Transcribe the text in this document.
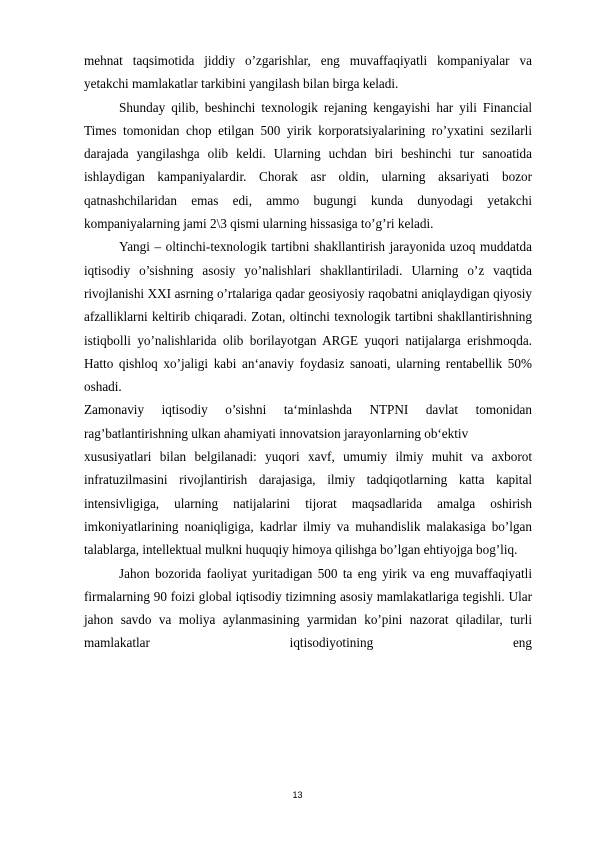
mehnat taqsimotida jiddiy o’zgarishlar, eng muvaffaqiyatli kompaniyalar va yetakchi mamlakatlar tarkibini yangilash bilan birga keladi.

Shunday qilib, beshinchi texnologik rejaning kengayishi har yili Financial Times tomonidan chop etilgan 500 yirik korporatsiyalarining ro’yxatini sezilarli darajada yangilashga olib keldi. Ularning uchdan biri beshinchi tur sanoatida ishlaydigan kampaniyalardir. Chorak asr oldin, ularning aksariyati bozor qatnashchilaridan emas edi, ammo bugungi kunda dunyodagi yetakchi kompaniyalarning jami 2\3 qismi ularning hissasiga to’g’ri keladi.

Yangi – oltinchi-texnologik tartibni shakllantirish jarayonida uzoq muddatda iqtisodiy o’sishning asosiy yo’nalishlari shakllantiriladi. Ularning o’z vaqtida rivojlanishi XXI asrning o’rtalariga qadar geosiyosiy raqobatni aniqlaydigan qiyosiy afzalliklarni keltirib chiqaradi. Zotan, oltinchi texnologik tartibni shakllantirishning istiqbolli yo’nalishlarida olib borilayotgan ARGE yuqori natijalarga erishmoqda. Hatto qishloq xo’jaligi kabi an‘anaviy foydasiz sanoati, ularning rentabellik 50% oshadi.

Zamonaviy iqtisodiy o’sishni ta‘minlashda NTPNI davlat tomonidan rag’batlantirishning ulkan ahamiyati innovatsion jarayonlarning ob‘ektiv

xususiyatlari bilan belgilanadi: yuqori xavf, umumiy ilmiy muhit va axborot infratuzilmasini rivojlantirish darajasiga, ilmiy tadqiqotlarning katta kapital intensivligiga, ularning natijalarini tijorat maqsadlarida amalga oshirish imkoniyatlarining noaniqligiga, kadrlar ilmiy va muhandislik malakasiga bo’lgan talablarga, intellektual mulkni huquqiy himoya qilishga bo’lgan ehtiyojga bog’liq.

Jahon bozorida faoliyat yuritadigan 500 ta eng yirik va eng muvaffaqiyatli firmalarning 90 foizi global iqtisodiy tizimning asosiy mamlakatlariga tegishli. Ular jahon savdo va moliya aylanmasining yarmidan ko’pini nazorat qiladilar, turli mamlakatlar iqtisodiyotining eng

13
